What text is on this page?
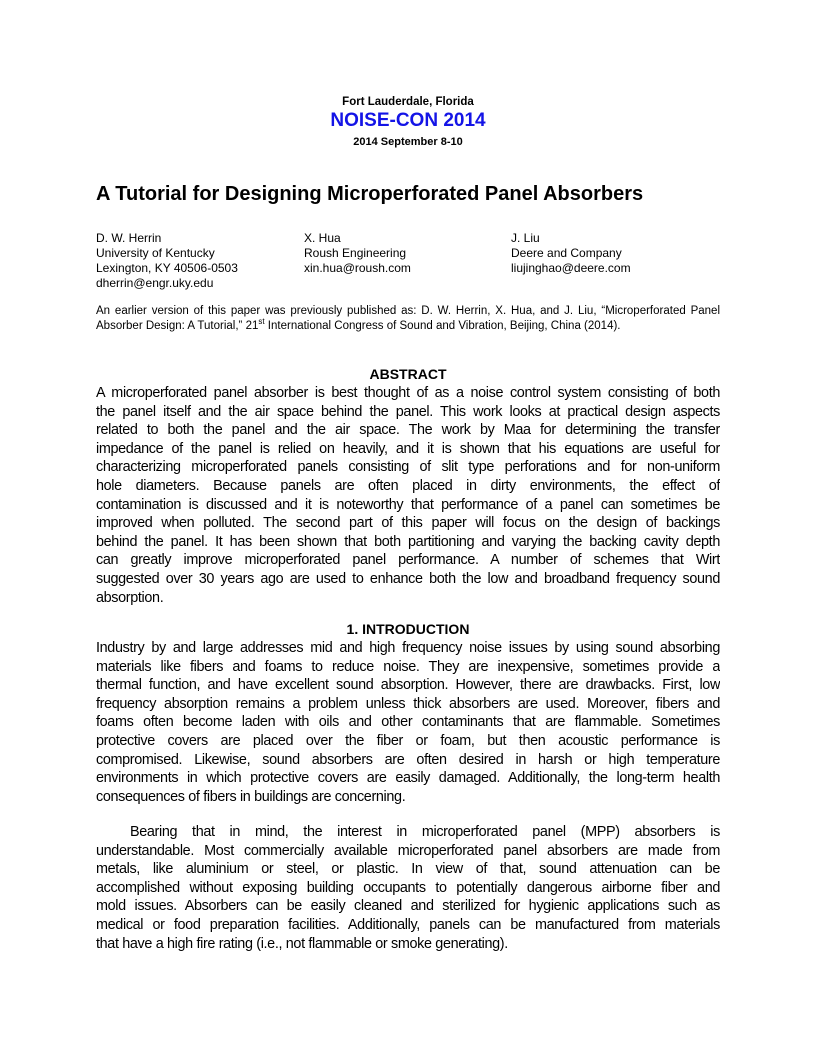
Fort Lauderdale, Florida
NOISE-CON 2014
2014 September 8-10
A Tutorial for Designing Microperforated Panel Absorbers
D. W. Herrin
University of Kentucky
Lexington, KY 40506-0503
dherrin@engr.uky.edu
X. Hua
Roush Engineering
xin.hua@roush.com
J. Liu
Deere and Company
liujinghao@deere.com
An earlier version of this paper was previously published as: D. W. Herrin, X. Hua, and J. Liu, “Microperforated Panel Absorber Design: A Tutorial,” 21st International Congress of Sound and Vibration, Beijing, China (2014).
ABSTRACT
A microperforated panel absorber is best thought of as a noise control system consisting of both
the panel itself and the air space behind the panel. This work looks at practical design aspects
related to both the panel and the air space. The work by Maa for determining the transfer
impedance of the panel is relied on heavily, and it is shown that his equations are useful for
characterizing microperforated panels consisting of slit type perforations and for non-uniform
hole diameters. Because panels are often placed in dirty environments, the effect of
contamination is discussed and it is noteworthy that performance of a panel can sometimes be
improved when polluted. The second part of this paper will focus on the design of backings
behind the panel. It has been shown that both partitioning and varying the backing cavity depth
can greatly improve microperforated panel performance. A number of schemes that Wirt
suggested over 30 years ago are used to enhance both the low and broadband frequency sound
absorption.
1. INTRODUCTION
Industry by and large addresses mid and high frequency noise issues by using sound absorbing
materials like fibers and foams to reduce noise. They are inexpensive, sometimes provide a
thermal function, and have excellent sound absorption. However, there are drawbacks. First, low
frequency absorption remains a problem unless thick absorbers are used. Moreover, fibers and
foams often become laden with oils and other contaminants that are flammable. Sometimes
protective covers are placed over the fiber or foam, but then acoustic performance is
compromised. Likewise, sound absorbers are often desired in harsh or high temperature
environments in which protective covers are easily damaged. Additionally, the long-term health
consequences of fibers in buildings are concerning.
Bearing that in mind, the interest in microperforated panel (MPP) absorbers is
understandable. Most commercially available microperforated panel absorbers are made from
metals, like aluminium or steel, or plastic. In view of that, sound attenuation can be
accomplished without exposing building occupants to potentially dangerous airborne fiber and
mold issues. Absorbers can be easily cleaned and sterilized for hygienic applications such as
medical or food preparation facilities. Additionally, panels can be manufactured from materials
that have a high fire rating (i.e., not flammable or smoke generating).
